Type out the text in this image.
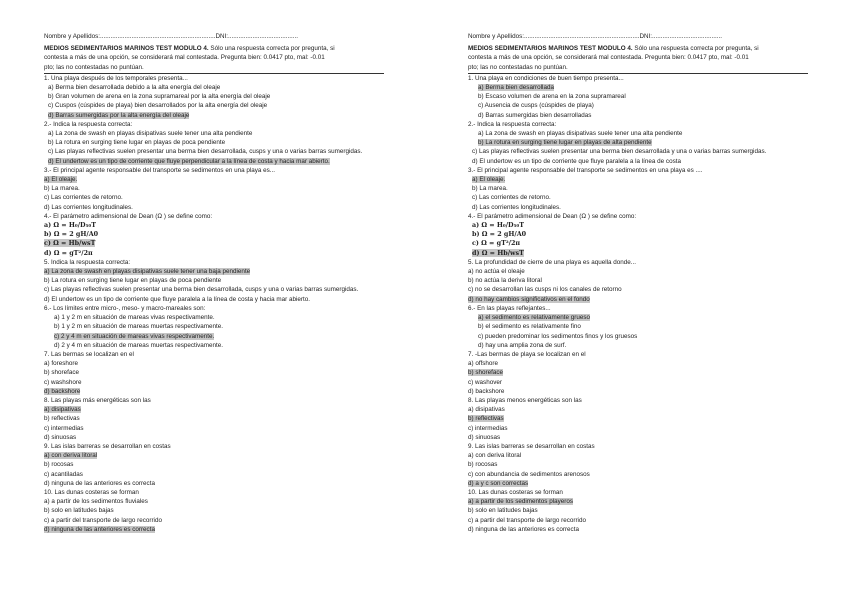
Nombre y Apellidos:..................................................................DNI:........................................
MEDIOS SEDIMENTARIOS MARINOS TEST MODULO 4. Sólo una respuesta correcta por pregunta, si
contesta a más de una opción, se considerará mal contestada. Pregunta bien: 0.0417 pto, mal: -0.01
pto; las no contestadas no puntúan.
1. Una playa después de los temporales presenta...
a) Berma bien desarrollada debido a la alta energía del oleaje
b) Gran volumen de arena en la zona supramareal por la alta energía del oleaje
c) Cuspos (cúspides de playa) bien desarrollados por la alta energía del oleaje
d) Barras sumergidas por la alta energía del oleaje
2.- Indica la respuesta correcta:
a) La zona de swash en playas disipativas suele tener una alta pendiente
b) La rotura en surging tiene lugar en playas de poca pendiente
c) Las playas reflectivas suelen presentar una berma bien desarrollada, cusps y una o varias barras sumergidas.
d) El undertow es un tipo de corriente que fluye perpendicular a la línea de costa y hacia mar abierto.
3.- El principal agente responsable del transporte se sedimentos en una playa es...
a) El oleaje.
b) La marea.
c) Las corrientes de retorno.
d) Las corrientes longitudinales.
4.- El parámetro adimensional de Dean (Ω ) se define como:
a) Ω = H₀/D₅₀T
b) Ω = 2 gH/A0
c) Ω = Hb/wsT
d) Ω = gT²/2π
5. Indica la respuesta correcta:
a) La zona de swash en playas disipativas suele tener una baja pendiente
b) La rotura en surging tiene lugar en playas de poca pendiente
c) Las playas reflectivas suelen presentar una berma bien desarrollada, cusps y una o varias barras sumergidas.
d) El undertow es un tipo de corriente que fluye paralela a la línea de costa y hacia mar abierto.
6.- Los límites entre micro-, meso- y macro-mareales son:
a) 1 y 2 m en situación de mareas vivas respectivamente.
b) 1 y 2 m en situación de mareas muertas respectivamente.
c) 2 y 4 m en situación de mareas vivas respectivamente.
d) 2 y 4 m en situación de mareas muertas respectivamente.
7. Las bermas se localizan en el
a) foreshore
b) shoreface
c) washshore
d) backshore
8. Las playas más energéticas son las
a) disipativas
b) reflectivas
c) intermedias
d) sinuosas
9. Las islas barreras se desarrollan en costas
a) con deriva litoral
b) rocosas
c) acantiladas
d) ninguna de las anteriores es correcta
10. Las dunas costeras se forman
a) a partir de los sedimentos fluviales
b) solo en latitudes bajas
c) a partir del transporte de largo recorrido
d) ninguna de las anteriores es correcta
Nombre y Apellidos:..................................................................DNI:........................................
MEDIOS SEDIMENTARIOS MARINOS TEST MODULO 4. Sólo una respuesta correcta por pregunta, si
contesta a más de una opción, se considerará mal contestada. Pregunta bien: 0.0417 pto, mal: -0.01
pto; las no contestadas no puntúan.
1. Una playa en condiciones de buen tiempo presenta...
a) Berma bien desarrollada
b) Escaso volumen de arena en la zona supramareal
c) Ausencia de cusps (cúspides de playa)
d) Barras sumergidas bien desarrolladas
2.- Indica la respuesta correcta:
a) La zona de swash en playas disipativas suele tener una alta pendiente
b) La rotura en surging tiene lugar en playas de alta pendiente
c) Las playas reflectivas suelen presentar una berma bien desarrollada y una o varias barras sumergidas.
d) El undertow es un tipo de corriente que fluye paralela a la línea de costa
3.- El principal agente responsable del transporte se sedimentos en una playa es ....
a) El oleaje.
b) La marea.
c) Las corrientes de retorno.
d) Las corrientes longitudinales.
4.- El parámetro adimensional de Dean (Ω ) se define como:
a) Ω = H₀/D₅₀T
b) Ω = 2 gH/A0
c) Ω = gT²/2π
d) Ω = Hb/wsT
5. La profundidad de cierre de una playa es aquella donde...
a) no actúa el oleaje
b) no actúa la deriva litoral
c) no se desarrollan las cusps ni los canales de retorno
d) no hay cambios significativos en el fondo
6.- En las playas reflejantes...
a) el sedimento es relativamente grueso
b) el sedimento es relativamente fino
c) pueden predominar los sedimentos finos y los gruesos
d) hay una amplia zona de surf.
7. -Las bermas de playa se localizan en el
a) offshore
b) shoreface
c) washover
d) backshore
8. Las playas menos energéticas son las
a) disipativas
b) reflectivas
c) intermedias
d) sinuosas
9. Las islas barreras se desarrollan en costas
a) con deriva litoral
b) rocosas
c) con abundancia de sedimentos arenosos
d) a y c son correctas
10. Las dunas costeras se forman
a) a partir de los sedimentos playeros
b) solo en latitudes bajas
c) a partir del transporte de largo recorrido
d) ninguna de las anteriores es correcta
